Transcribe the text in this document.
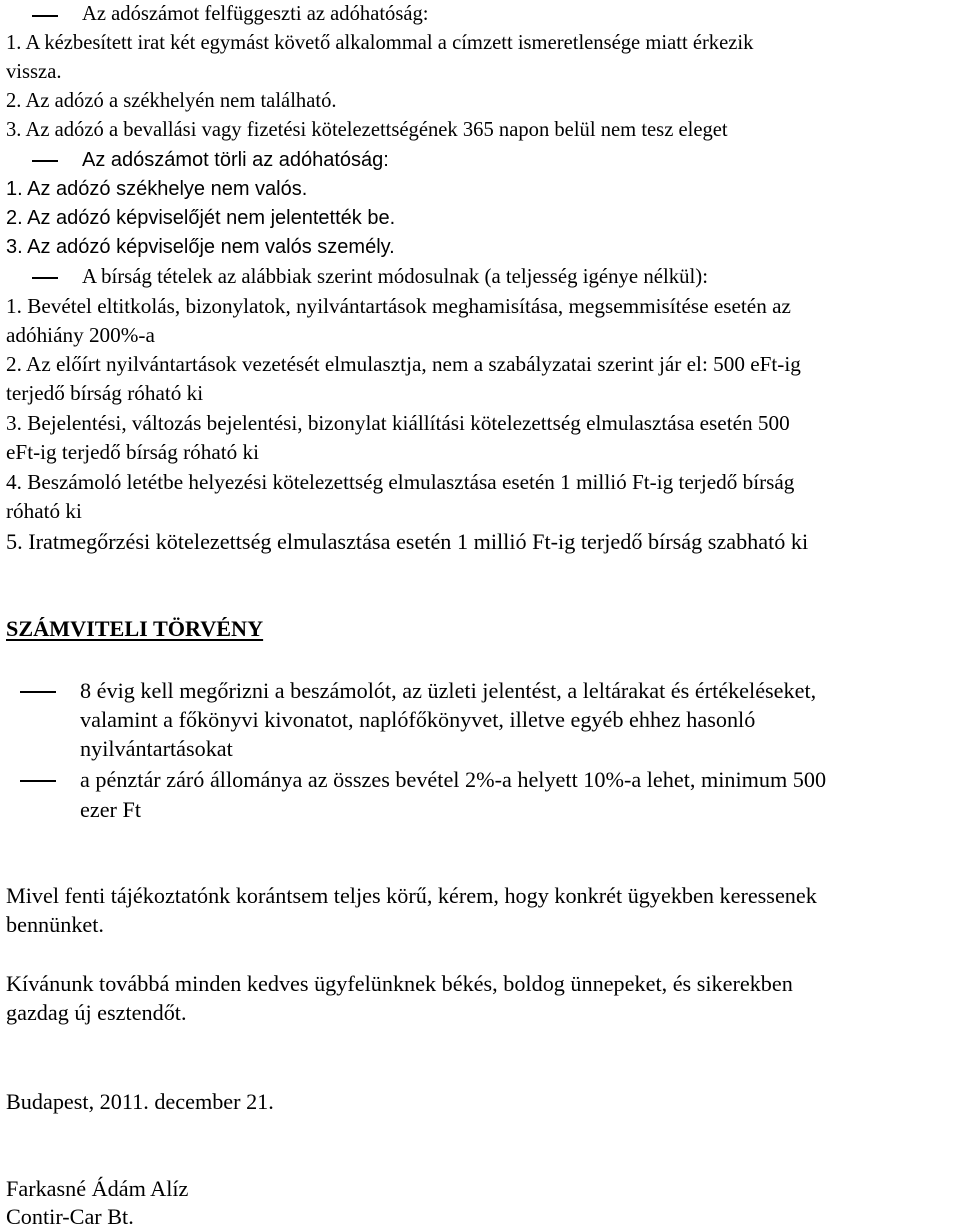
Az adószámot felfüggeszti az adóhatóság:
1. A kézbesített irat két egymást követő alkalommal a címzett ismeretlensége miatt érkezik
vissza.
2. Az adózó a székhelyén nem található.
3. Az adózó a bevallási vagy fizetési kötelezettségének 365 napon belül nem tesz eleget
Az adószámot törli az adóhatóság:
1. Az adózó székhelye nem valós.
2. Az adózó képviselőjét nem jelentették be.
3. Az adózó képviselője nem valós személy.
A bírság tételek az alábbiak szerint módosulnak (a teljesség igénye nélkül):
1. Bevétel eltitkolás, bizonylatok, nyilvántartások meghamisítása, megsemmisítése esetén az
adóhiány 200%-a
2. Az előírt nyilvántartások vezetését elmulasztja, nem a szabályzatai szerint jár el: 500 eFt-ig
terjedő bírság róható ki
3. Bejelentési, változás bejelentési, bizonylat kiállítási kötelezettség elmulasztása esetén 500
eFt-ig terjedő bírság róható ki
4. Beszámoló letétbe helyezési kötelezettség elmulasztása esetén 1 millió Ft-ig terjedő bírság
róható ki
5. Iratmegőrzési kötelezettség elmulasztása esetén 1 millió Ft-ig terjedő bírság szabható ki
SZÁMVITELI TÖRVÉNY
8 évig kell megőrizni a beszámolót, az üzleti jelentést, a leltárakat és értékeléseket,
valamint a főkönyvi kivonatot, naplófőkönyvet, illetve egyéb ehhez hasonló
nyilvántartásokat
a pénztár záró állománya az összes bevétel 2%-a helyett 10%-a lehet, minimum 500
ezer Ft
Mivel fenti tájékoztatónk korántsem teljes körű, kérem, hogy konkrét ügyekben keressenek
bennünket.
Kívánunk továbbá minden kedves ügyfelünknek békés, boldog ünnepeket, és sikerekben
gazdag új esztendőt.
Budapest, 2011. december 21.
Farkasné Ádám Alíz
Contir-Car Bt.
